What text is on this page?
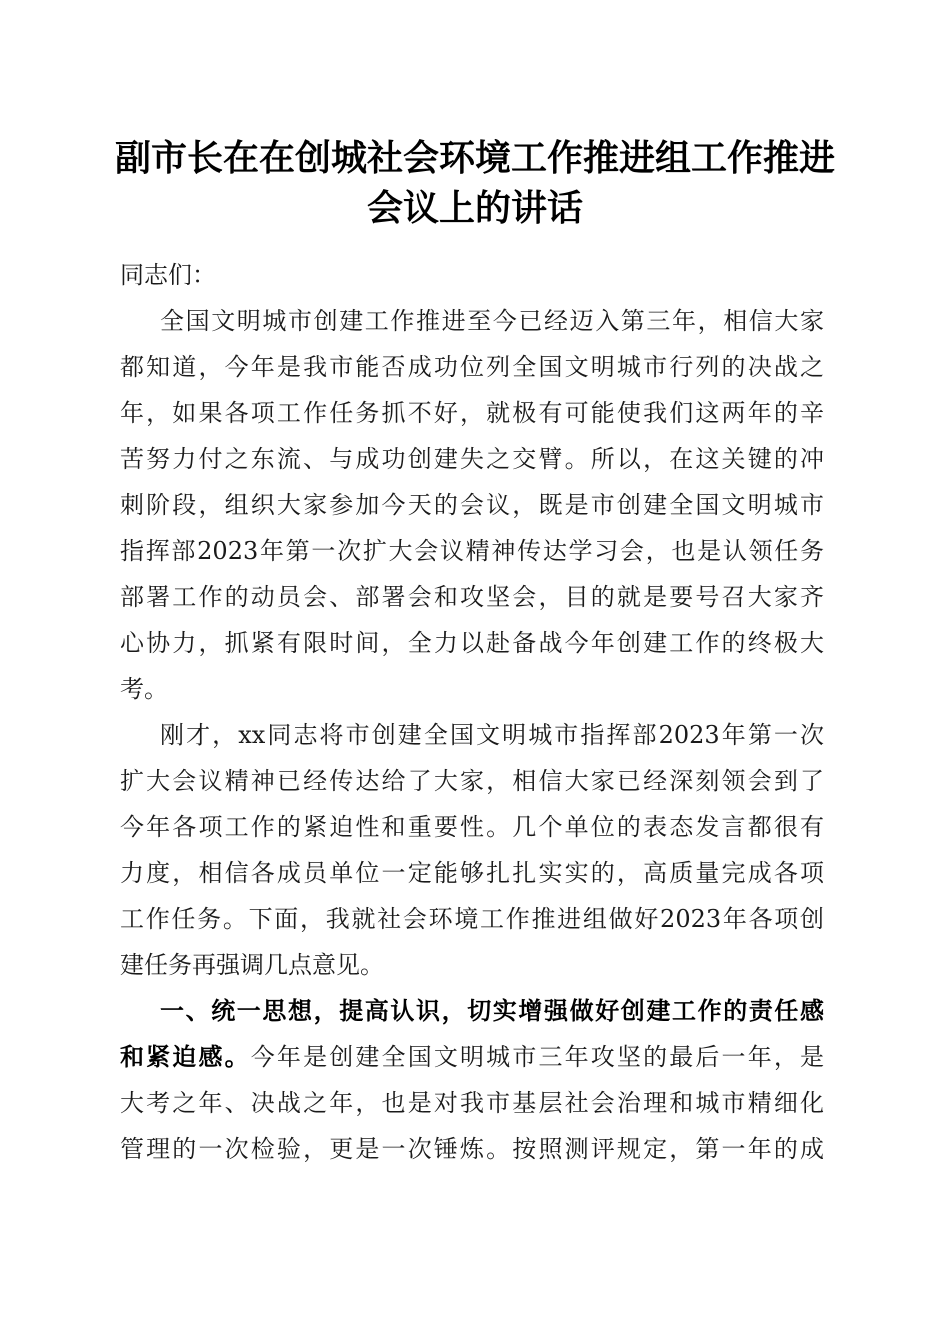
副市长在在创城社会环境工作推进组工作推进
会议上的讲话
同志们：
全国文明城市创建工作推进至今已经迈入第三年，相信大家
都知道，今年是我市能否成功位列全国文明城市行列的决战之
年，如果各项工作任务抓不好，就极有可能使我们这两年的辛
苦努力付之东流、与成功创建失之交臂。所以，在这关键的冲
刺阶段，组织大家参加今天的会议，既是市创建全国文明城市
指挥部2023年第一次扩大会议精神传达学习会，也是认领任务
部署工作的动员会、部署会和攻坚会，目的就是要号召大家齐
心协力，抓紧有限时间，全力以赴备战今年创建工作的终极大
考。
刚才，xx同志将市创建全国文明城市指挥部2023年第一次
扩大会议精神已经传达给了大家，相信大家已经深刻领会到了
今年各项工作的紧迫性和重要性。几个单位的表态发言都很有
力度，相信各成员单位一定能够扎扎实实的，高质量完成各项
工作任务。下面，我就社会环境工作推进组做好2023年各项创
建任务再强调几点意见。
一、统一思想，提高认识，切实增强做好创建工作的责任感
和紧迫感。今年是创建全国文明城市三年攻坚的最后一年，是
大考之年、决战之年，也是对我市基层社会治理和城市精细化
管理的一次检验，更是一次锤炼。按照测评规定，第一年的成
